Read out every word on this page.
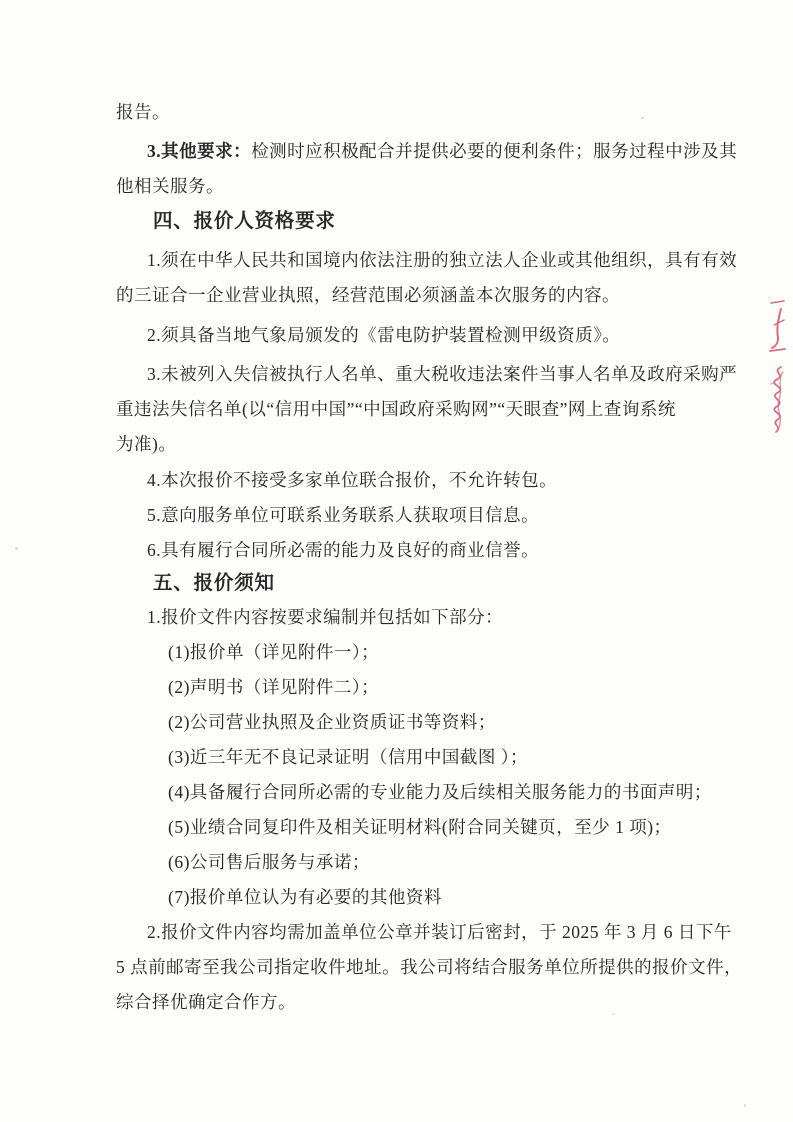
报告。
3.其他要求：检测时应积极配合并提供必要的便利条件；服务过程中涉及其
他相关服务。
四、报价人资格要求
1.须在中华人民共和国境内依法注册的独立法人企业或其他组织，具有有效
的三证合一企业营业执照，经营范围必须涵盖本次服务的内容。
2.须具备当地气象局颁发的《雷电防护装置检测甲级资质》。
3.未被列入失信被执行人名单、重大税收违法案件当事人名单及政府采购严
重违法失信名单(以“信用中国”“中国政府采购网”“天眼查”网上查询系统
为准)。
4.本次报价不接受多家单位联合报价，不允许转包。
5.意向服务单位可联系业务联系人获取项目信息。
6.具有履行合同所必需的能力及良好的商业信誉。
五、报价须知
1.报价文件内容按要求编制并包括如下部分：
(1)报价单（详见附件一）；
(2)声明书（详见附件二）；
(2)公司营业执照及企业资质证书等资料；
(3)近三年无不良记录证明（信用中国截图 ）；
(4)具备履行合同所必需的专业能力及后续相关服务能力的书面声明；
(5)业绩合同复印件及相关证明材料(附合同关键页，至少 1 项)；
(6)公司售后服务与承诺；
(7)报价单位认为有必要的其他资料
2.报价文件内容均需加盖单位公章并装订后密封，于 2025 年 3 月 6 日下午
5 点前邮寄至我公司指定收件地址。我公司将结合服务单位所提供的报价文件，
综合择优确定合作方。
